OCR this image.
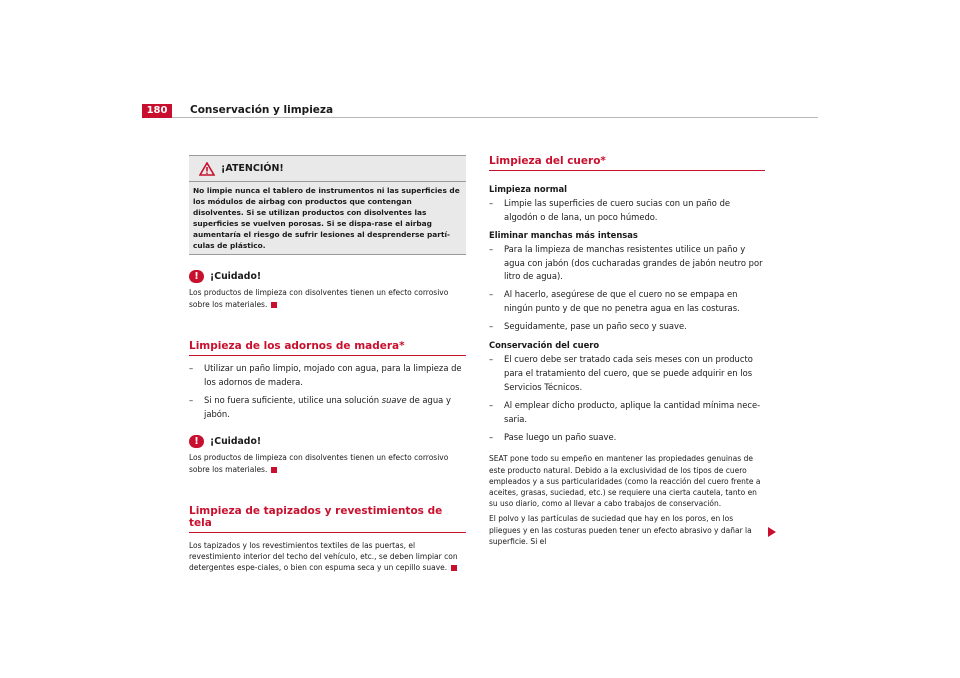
180	Conservación y limpieza
¡ATENCIÓN!
No limpie nunca el tablero de instrumentos ni las superficies de los módulos de airbag con productos que contengan disolventes. Si se utilizan productos con disolventes las superficies se vuelven porosas. Si se dispa-rase el airbag aumentaría el riesgo de sufrir lesiones al desprenderse partí-culas de plástico.
!	¡Cuidado!

Los productos de limpieza con disolventes tienen un efecto corrosivo sobre los materiales.

Limpieza de los adornos de madera*
–	Utilizar un paño limpio, mojado con agua, para la limpieza de los adornos de madera.
–	Si no fuera suficiente, utilice una solución suave de agua y jabón.
!	¡Cuidado!

Los productos de limpieza con disolventes tienen un efecto corrosivo sobre los materiales.

Limpieza de tapizados y revestimientos de tela

Los tapizados y los revestimientos textiles de las puertas, el revestimiento interior del techo del vehículo, etc., se deben limpiar con detergentes espe-ciales, o bien con espuma seca y un cepillo suave.

Limpieza del cuero*
Limpieza normal
–	Limpie las superficies de cuero sucias con un paño de algodón o de lana, un poco húmedo.
Eliminar manchas más intensas
–	Para la limpieza de manchas resistentes utilice un paño y agua con jabón (dos cucharadas grandes de jabón neutro por litro de agua).
–	Al hacerlo, asegúrese de que el cuero no se empapa en ningún punto y de que no penetra agua en las costuras.
–	Seguidamente, pase un paño seco y suave.
Conservación del cuero
–	El cuero debe ser tratado cada seis meses con un producto para el tratamiento del cuero, que se puede adquirir en los Servicios Técnicos.
–	Al emplear dicho producto, aplique la cantidad mínima nece-saria.
–	Pase luego un paño suave.

SEAT pone todo su empeño en mantener las propiedades genuinas de este producto natural. Debido a la exclusividad de los tipos de cuero empleados y a sus particularidades (como la reacción del cuero frente a aceites, grasas, suciedad, etc.) se requiere una cierta cautela, tanto en su uso diario, como al llevar a cabo trabajos de conservación.

El polvo y las partículas de suciedad que hay en los poros, en los pliegues y en las costuras pueden tener un efecto abrasivo y dañar la superficie. Si el
